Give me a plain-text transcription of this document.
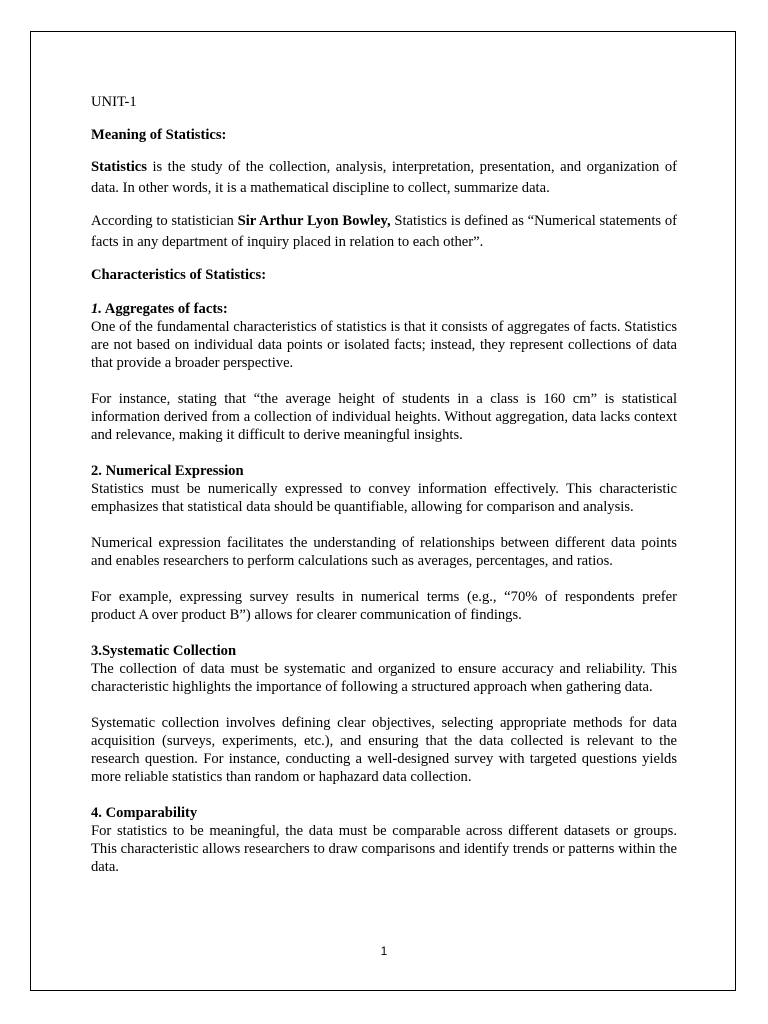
UNIT-1

Meaning of Statistics:

Statistics is the study of the collection, analysis, interpretation, presentation, and organization of data. In other words, it is a mathematical discipline to collect, summarize data.

According to statistician Sir Arthur Lyon Bowley, Statistics is defined as “Numerical statements of facts in any department of inquiry placed in relation to each other”.

Characteristics of Statistics:

1. Aggregates of facts:

One of the fundamental characteristics of statistics is that it consists of aggregates of facts. Statistics are not based on individual data points or isolated facts; instead, they represent collections of data that provide a broader perspective.

For instance, stating that “the average height of students in a class is 160 cm” is statistical information derived from a collection of individual heights. Without aggregation, data lacks context and relevance, making it difficult to derive meaningful insights.

2. Numerical Expression

Statistics must be numerically expressed to convey information effectively. This characteristic emphasizes that statistical data should be quantifiable, allowing for comparison and analysis.

Numerical expression facilitates the understanding of relationships between different data points and enables researchers to perform calculations such as averages, percentages, and ratios.

For example, expressing survey results in numerical terms (e.g., “70% of respondents prefer product A over product B”) allows for clearer communication of findings.

3.Systematic Collection

The collection of data must be systematic and organized to ensure accuracy and reliability. This characteristic highlights the importance of following a structured approach when gathering data.

Systematic collection involves defining clear objectives, selecting appropriate methods for data acquisition (surveys, experiments, etc.), and ensuring that the data collected is relevant to the research question. For instance, conducting a well-designed survey with targeted questions yields more reliable statistics than random or haphazard data collection.

4. Comparability

For statistics to be meaningful, the data must be comparable across different datasets or groups. This characteristic allows researchers to draw comparisons and identify trends or patterns within the data.

1
